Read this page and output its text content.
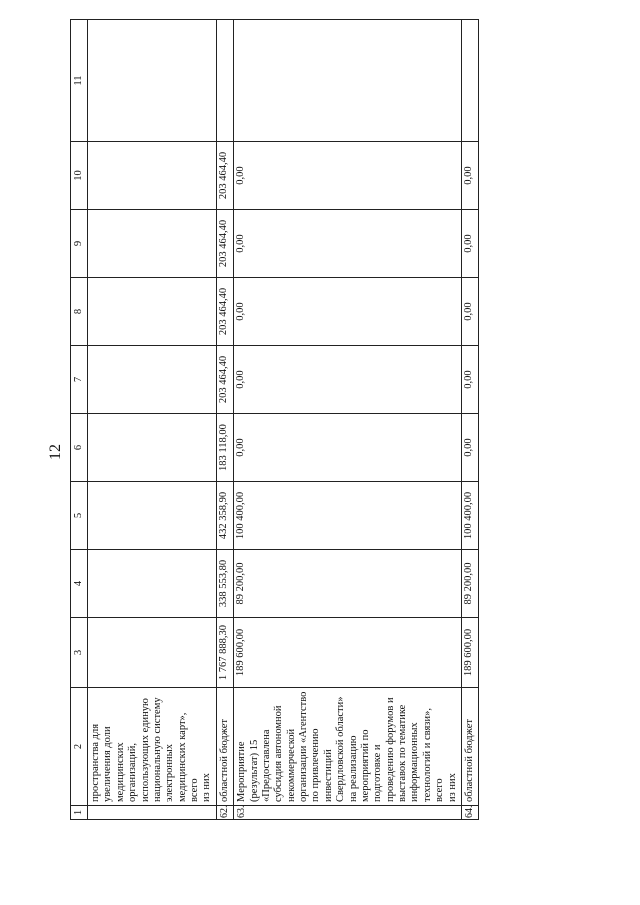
12
1	2	3	4	5	6	7	8	9	10	11
	пространства для увеличения доли медицинских организаций, использующих единую национальную систему электронных медицинских карт», всего
из них									
62.	областной бюджет	1 767 888,30	338 553,80	432 358,90	183 118,00	203 464,40	203 464,40	203 464,40	203 464,40	
63.	Мероприятие (результат) 15 «Предоставлена субсидия автономной некоммерческой организации «Агентство по привлечению инвестиций Свердловской области» на реализацию мероприятий по подготовке и проведению форумов и выставок по тематике информационных технологий и связи», всего
из них	189 600,00	89 200,00	100 400,00	0,00	0,00	0,00	0,00	0,00	
64.	областной бюджет	189 600,00	89 200,00	100 400,00	0,00	0,00	0,00	0,00	0,00	
